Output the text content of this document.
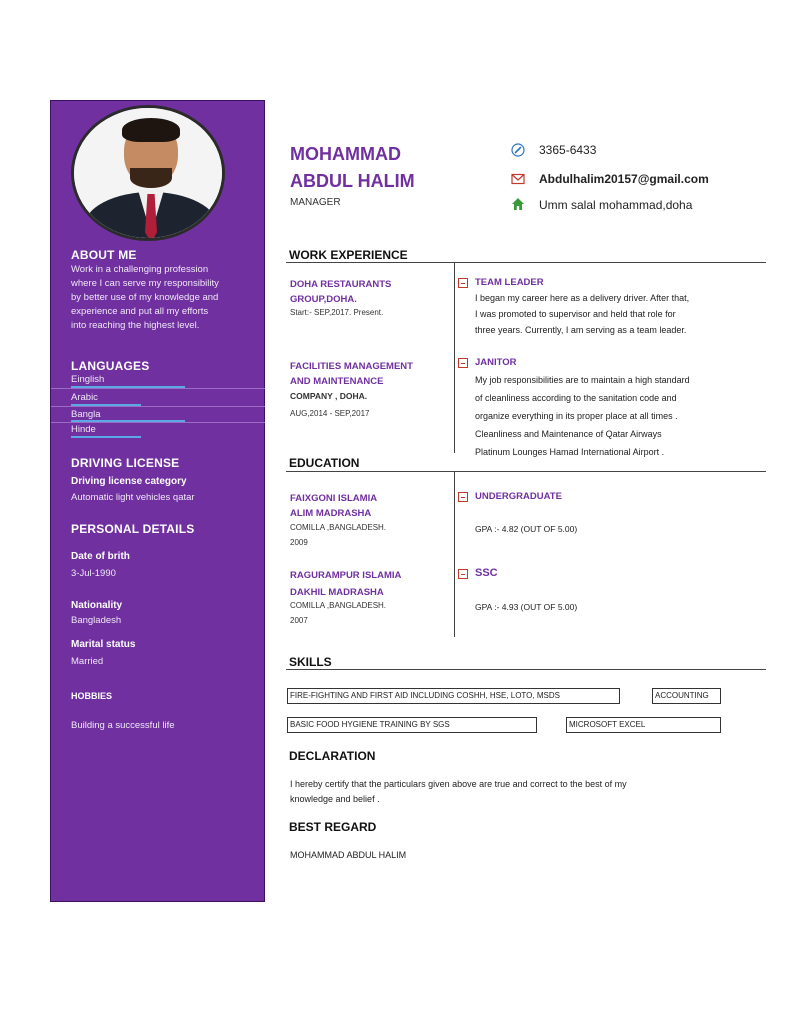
ABOUT ME
Work in a challenging profession
where I can serve my responsibility
by better use of my knowledge and
experience and put all my efforts
into reaching the highest level.
LANGUAGES
Einglish
Arabic
Bangla
Hinde
DRIVING LICENSE
Driving license category
Automatic light vehicles qatar
PERSONAL DETAILS
Date of brith
3-Jul-1990
Nationality
Bangladesh
Marital status
Married
HOBBIES
Building a successful life
MOHAMMAD
ABDUL HALIM
MANAGER
3365-6433
Abdulhalim20157@gmail.com
Umm salal mohammad,doha
WORK EXPERIENCE
DOHA RESTAURANTS
GROUP,DOHA.
Start:- SEP,2017. Present.
TEAM LEADER
I began my career here as a delivery driver. After that,
I was promoted to supervisor and held that role for
three years. Currently, I am serving as a team leader.
FACILITIES MANAGEMENT
AND MAINTENANCE
COMPANY , DOHA.
AUG,2014 - SEP,2017
JANITOR
My job responsibilities are to maintain a high standard
of cleanliness according to the sanitation code and
organize everything in its proper place at all times .
Cleanliness and Maintenance of Qatar Airways
Platinum Lounges Hamad International Airport .
EDUCATION
FAIXGONI ISLAMIA
ALIM MADRASHA
COMILLA ,BANGLADESH.
2009
UNDERGRADUATE
GPA :- 4.82 (OUT OF 5.00)
RAGURAMPUR ISLAMIA
DAKHIL MADRASHA
COMILLA ,BANGLADESH.
2007
SSC
GPA :- 4.93 (OUT OF 5.00)
SKILLS
FIRE-FIGHTING AND FIRST AID INCLUDING COSHH, HSE, LOTO, MSDS	ACCOUNTING
BASIC FOOD HYGIENE TRAINING BY SGS	MICROSOFT EXCEL
DECLARATION
I hereby certify that the particulars given above are true and correct to the best of my
knowledge and belief .
BEST REGARD
MOHAMMAD ABDUL HALIM
